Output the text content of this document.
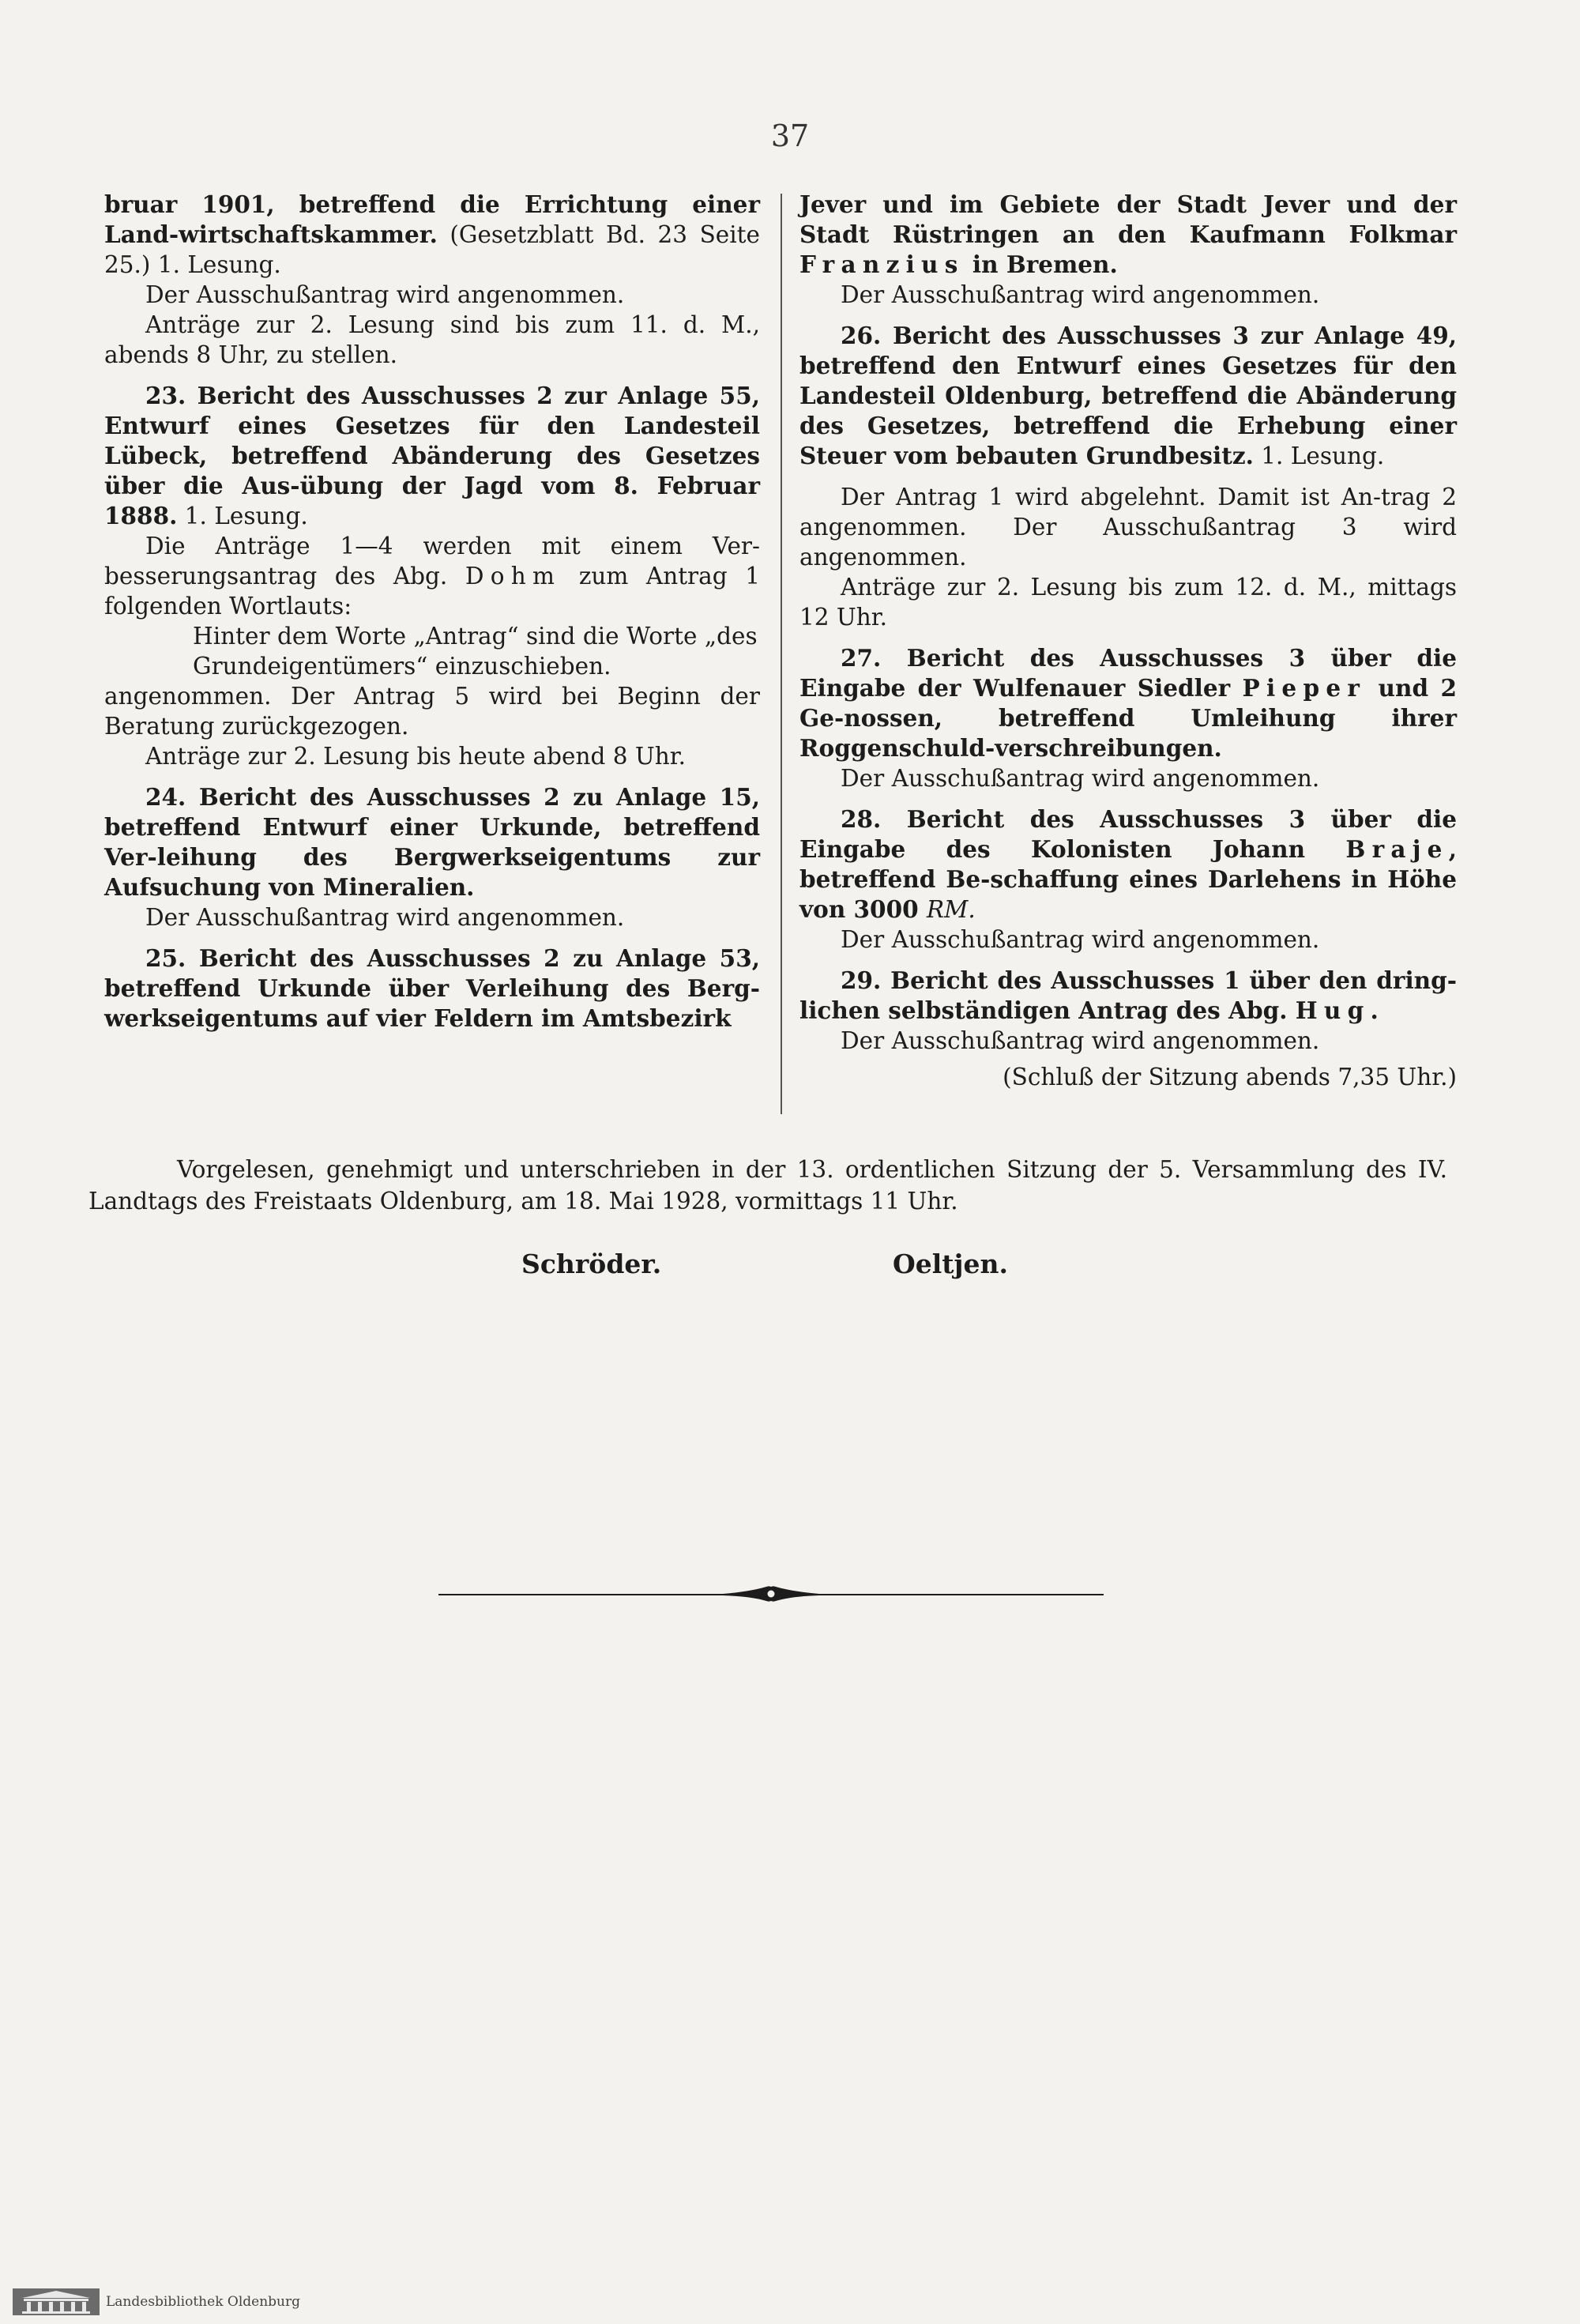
37

bruar 1901, betreffend die Errichtung einer Land-wirtschaftskammer. (Gesetzblatt Bd. 23 Seite 25.) 1. Lesung.

Der Ausschußantrag wird angenommen.

Anträge zur 2. Lesung sind bis zum 11. d. M., abends 8 Uhr, zu stellen.

23. Bericht des Ausschusses 2 zur Anlage 55, Entwurf eines Gesetzes für den Landesteil Lübeck, betreffend Abänderung des Gesetzes über die Aus-übung der Jagd vom 8. Februar 1888. 1. Lesung.

Die Anträge 1—4 werden mit einem Ver-besserungsantrag des Abg. Dohm zum Antrag 1 folgenden Wortlauts:

Hinter dem Worte „Antrag“ sind die Worte „des Grundeigentümers“ einzuschieben.

angenommen. Der Antrag 5 wird bei Beginn der Beratung zurückgezogen.

Anträge zur 2. Lesung bis heute abend 8 Uhr.

24. Bericht des Ausschusses 2 zu Anlage 15, betreffend Entwurf einer Urkunde, betreffend Ver-leihung des Bergwerkseigentums zur Aufsuchung von Mineralien.

Der Ausschußantrag wird angenommen.

25. Bericht des Ausschusses 2 zu Anlage 53, betreffend Urkunde über Verleihung des Berg-werkseigentums auf vier Feldern im Amtsbezirk

Jever und im Gebiete der Stadt Jever und der Stadt Rüstringen an den Kaufmann Folkmar Franzius in Bremen.

Der Ausschußantrag wird angenommen.

26. Bericht des Ausschusses 3 zur Anlage 49, betreffend den Entwurf eines Gesetzes für den Landesteil Oldenburg, betreffend die Abänderung des Gesetzes, betreffend die Erhebung einer Steuer vom bebauten Grundbesitz. 1. Lesung.

Der Antrag 1 wird abgelehnt. Damit ist An-trag 2 angenommen. Der Ausschußantrag 3 wird angenommen.

Anträge zur 2. Lesung bis zum 12. d. M., mittags 12 Uhr.

27. Bericht des Ausschusses 3 über die Eingabe der Wulfenauer Siedler Pieper und 2 Ge-nossen, betreffend Umleihung ihrer Roggenschuld-verschreibungen.

Der Ausschußantrag wird angenommen.

28. Bericht des Ausschusses 3 über die Eingabe des Kolonisten Johann Braje, betreffend Be-schaffung eines Darlehens in Höhe von 3000 RM.

Der Ausschußantrag wird angenommen.

29. Bericht des Ausschusses 1 über den dring-lichen selbständigen Antrag des Abg. Hug.

Der Ausschußantrag wird angenommen.

(Schluß der Sitzung abends 7,35 Uhr.)

Vorgelesen, genehmigt und unterschrieben in der 13. ordentlichen Sitzung der 5. Versammlung des IV. Landtags des Freistaats Oldenburg, am 18. Mai 1928, vormittags 11 Uhr.
Schröder.	Oeltjen.
Landesbibliothek Oldenburg
